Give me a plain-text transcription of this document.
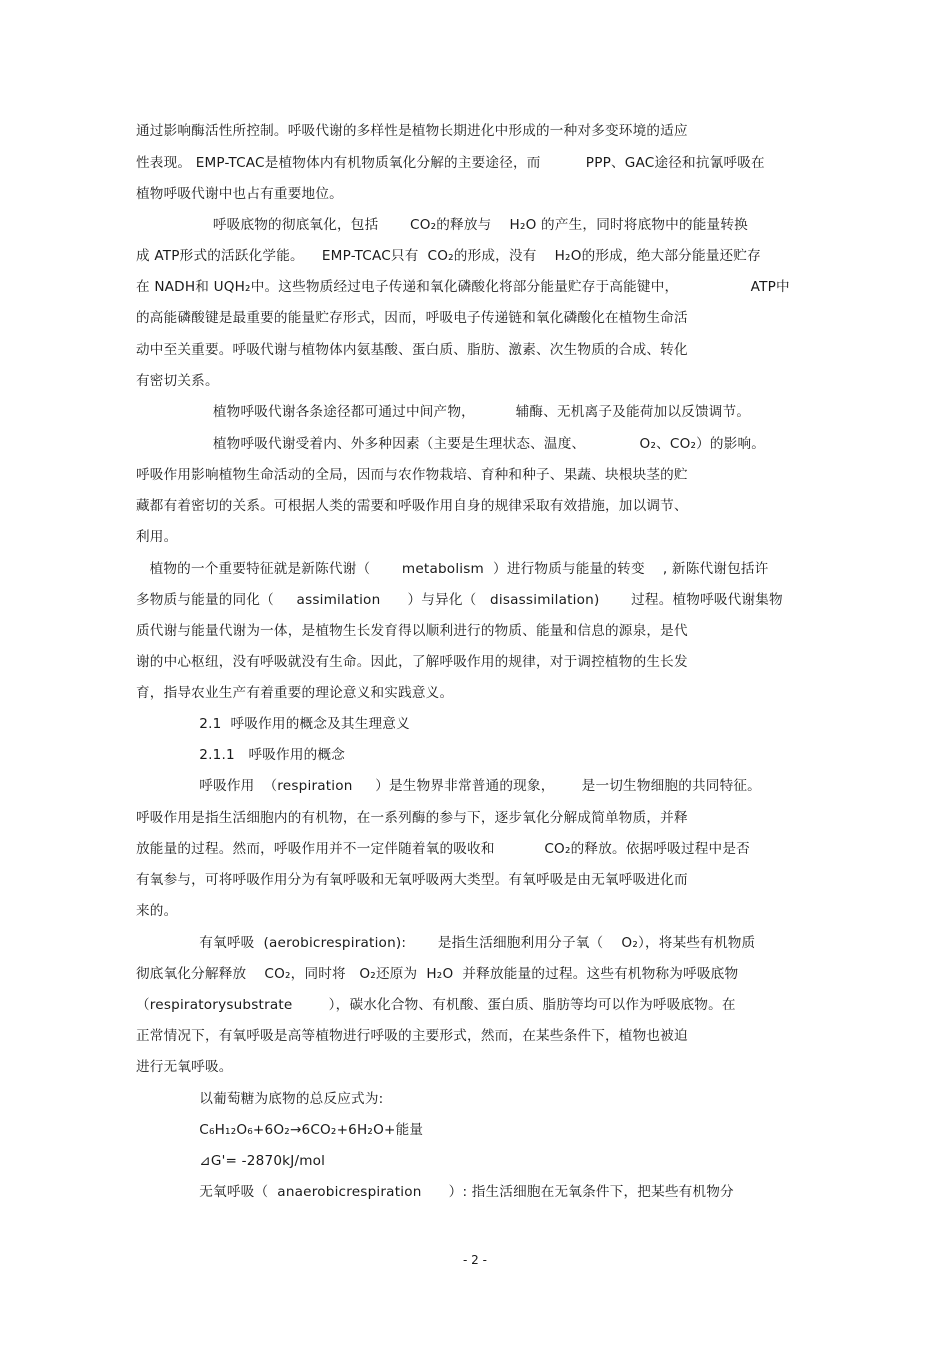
通过影响酶活性所控制。呼吸代谢的多样性是植物长期进化中形成的一种对多变环境的适应
性表现。 EMP-TCAC是植物体内有机物质氧化分解的主要途径，而          PPP、GAC途径和抗氰呼吸在
植物呼吸代谢中也占有重要地位。
呼吸底物的彻底氧化，包括       CO₂的释放与    H₂O 的产生，同时将底物中的能量转换
成 ATP形式的活跃化学能。    EMP-TCAC只有  CO₂的形成，没有    H₂O的形成，绝大部分能量还贮存
在 NADH和 UQH₂中。这些物质经过电子传递和氧化磷酸化将部分能量贮存于高能键中，                ATP中
的高能磷酸键是最重要的能量贮存形式，因而，呼吸电子传递链和氧化磷酸化在植物生命活
动中至关重要。呼吸代谢与植物体内氨基酸、蛋白质、脂肪、激素、次生物质的合成、转化
有密切关系。
植物呼吸代谢各条途径都可通过中间产物，         辅酶、无机离子及能荷加以反馈调节。
植物呼吸代谢受着内、外多种因素（主要是生理状态、温度、            O₂、CO₂）的影响。
呼吸作用影响植物生命活动的全局，因而与农作物栽培、育种和种子、果蔬、块根块茎的贮
藏都有着密切的关系。可根据人类的需要和呼吸作用自身的规律采取有效措施，加以调节、
利用。
植物的一个重要特征就是新陈代谢（       metabolism  ）进行物质与能量的转变    , 新陈代谢包括许
多物质与能量的同化（     assimilation      ）与异化（   disassimilation)       过程。植物呼吸代谢集物
质代谢与能量代谢为一体，是植物生长发育得以顺利进行的物质、能量和信息的源泉，是代
谢的中心枢纽，没有呼吸就没有生命。因此，了解呼吸作用的规律，对于调控植物的生长发
育，指导农业生产有着重要的理论意义和实践意义。
2.1  呼吸作用的概念及其生理意义
2.1.1   呼吸作用的概念
呼吸作用  （respiration     ）是生物界非常普通的现象，      是一切生物细胞的共同特征。
呼吸作用是指生活细胞内的有机物，在一系列酶的参与下，逐步氧化分解成简单物质，并释
放能量的过程。然而，呼吸作用并不一定伴随着氧的吸收和           CO₂的释放。依据呼吸过程中是否
有氧参与，可将呼吸作用分为有氧呼吸和无氧呼吸两大类型。有氧呼吸是由无氧呼吸进化而
来的。
有氧呼吸  (aerobicrespiration):       是指生活细胞利用分子氧（    O₂），将某些有机物质
彻底氧化分解释放    CO₂，同时将   O₂还原为  H₂O  并释放能量的过程。这些有机物称为呼吸底物
（respiratorysubstrate        ），碳水化合物、有机酸、蛋白质、脂肪等均可以作为呼吸底物。在
正常情况下，有氧呼吸是高等植物进行呼吸的主要形式，然而，在某些条件下，植物也被迫
进行无氧呼吸。
以葡萄糖为底物的总反应式为:
C₆H₁₂O₆+6O₂→6CO₂+6H₂O+能量
⊿G'= -2870kJ/mol
无氧呼吸（  anaerobicrespiration      ）: 指生活细胞在无氧条件下，把某些有机物分
- 2 -
